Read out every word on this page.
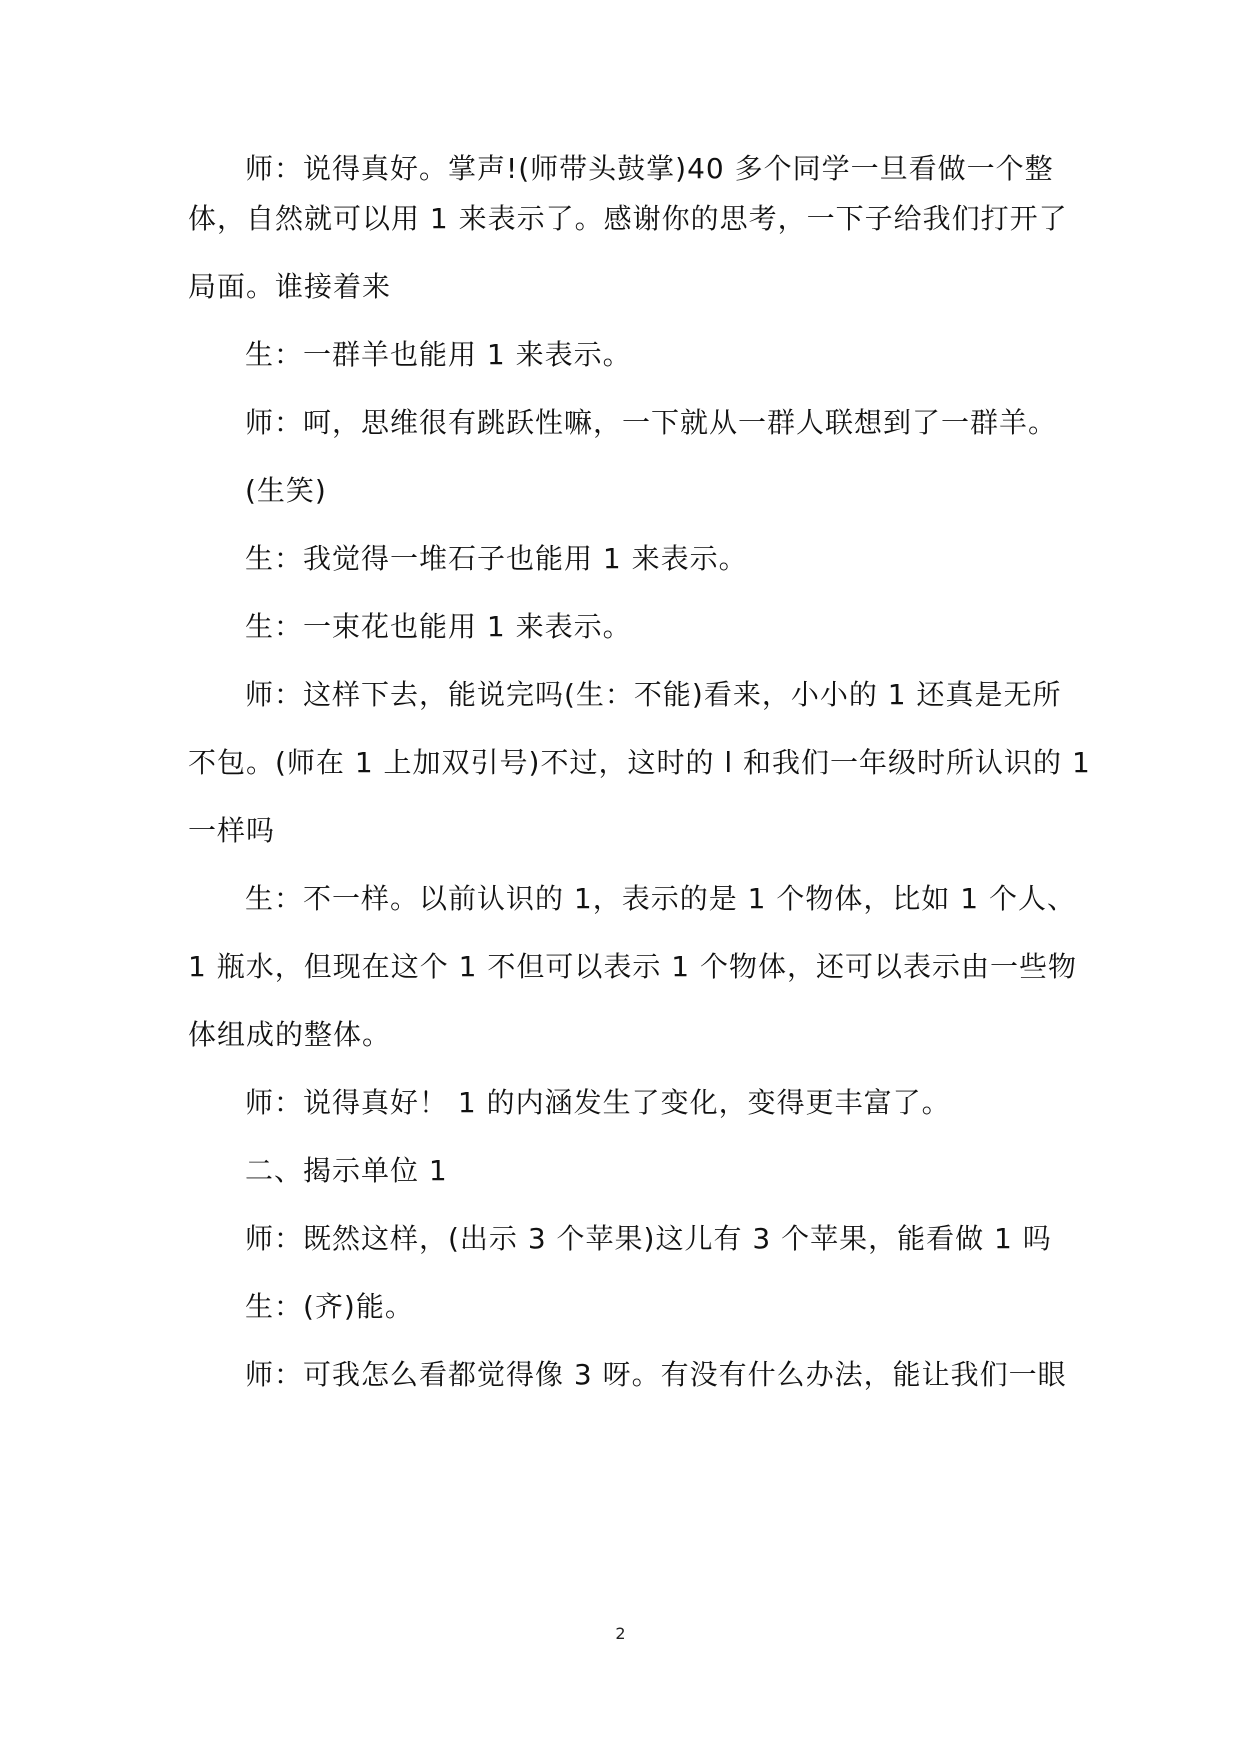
师：说得真好。掌声!(师带头鼓掌)40 多个同学一旦看做一个整
体，自然就可以用 1 来表示了。感谢你的思考，一下子给我们打开了
局面。谁接着来
生：一群羊也能用 1 来表示。
师：呵，思维很有跳跃性嘛，一下就从一群人联想到了一群羊。
(生笑)
生：我觉得一堆石子也能用 1 来表示。
生：一束花也能用 1 来表示。
师：这样下去，能说完吗(生：不能)看来，小小的 1 还真是无所
不包。(师在 1 上加双引号)不过，这时的 l 和我们一年级时所认识的 1
一样吗
生：不一样。以前认识的 1，表示的是 1 个物体，比如 1 个人、
1 瓶水，但现在这个 1 不但可以表示 1 个物体，还可以表示由一些物
体组成的整体。
师：说得真好！ 1 的内涵发生了变化，变得更丰富了。
二、揭示单位 1
师：既然这样，(出示 3 个苹果)这儿有 3 个苹果，能看做 1 吗
生：(齐)能。
师：可我怎么看都觉得像 3 呀。有没有什么办法，能让我们一眼
2
